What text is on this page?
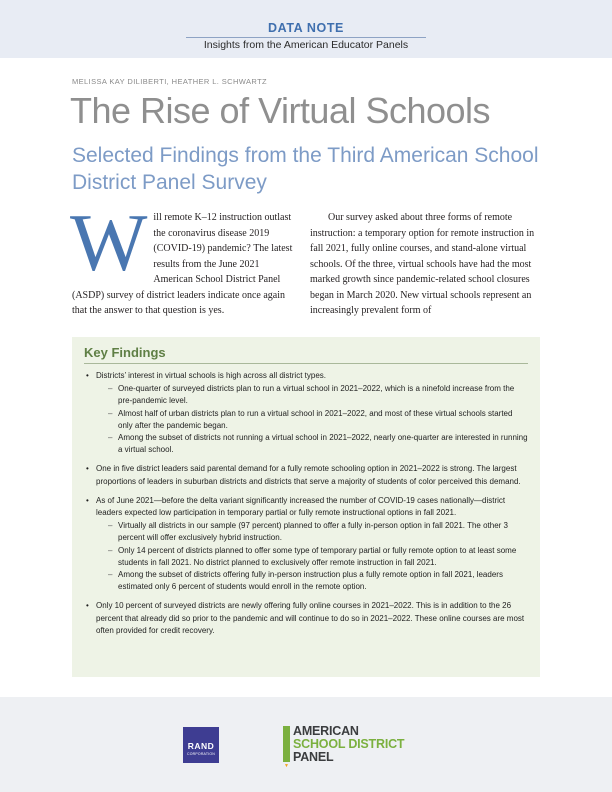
DATA NOTE
Insights from the American Educator Panels
MELISSA KAY DILIBERTI, HEATHER L. SCHWARTZ
The Rise of Virtual Schools
Selected Findings from the Third American School District Panel Survey
Will remote K–12 instruction outlast the coronavirus disease 2019 (COVID-19) pandemic? The latest results from the June 2021 American School District Panel (ASDP) survey of district leaders indicate once again that the answer to that question is yes.
Our survey asked about three forms of remote instruction: a temporary option for remote instruction in fall 2021, fully online courses, and stand-alone virtual schools. Of the three, virtual schools have had the most marked growth since pandemic-related school closures began in March 2020. New virtual schools represent an increasingly prevalent form of
Key Findings
• Districts’ interest in virtual schools is high across all district types.
– One-quarter of surveyed districts plan to run a virtual school in 2021–2022, which is a ninefold increase from the pre-pandemic level.
– Almost half of urban districts plan to run a virtual school in 2021–2022, and most of these virtual schools started only after the pandemic began.
– Among the subset of districts not running a virtual school in 2021–2022, nearly one-quarter are interested in running a virtual school.
• One in five district leaders said parental demand for a fully remote schooling option in 2021–2022 is strong. The largest proportions of leaders in suburban districts and districts that serve a majority of students of color perceived this demand.
• As of June 2021—before the delta variant significantly increased the number of COVID-19 cases nationally—district leaders expected low participation in temporary partial or fully remote instructional options in fall 2021.
– Virtually all districts in our sample (97 percent) planned to offer a fully in-person option in fall 2021. The other 3 percent will offer exclusively hybrid instruction.
– Only 14 percent of districts planned to offer some type of temporary partial or fully remote option to at least some students in fall 2021. No district planned to exclusively offer remote instruction in fall 2021.
– Among the subset of districts offering fully in-person instruction plus a fully remote option in fall 2021, leaders estimated only 6 percent of students would enroll in the remote option.
• Only 10 percent of surveyed districts are newly offering fully online courses in 2021–2022. This is in addition to the 26 percent that already did so prior to the pandemic and will continue to do so in 2021–2022. These online courses are most often provided for credit recovery.
RAND
CORPORATION
▼
AMERICAN
SCHOOL DISTRICT
PANEL
